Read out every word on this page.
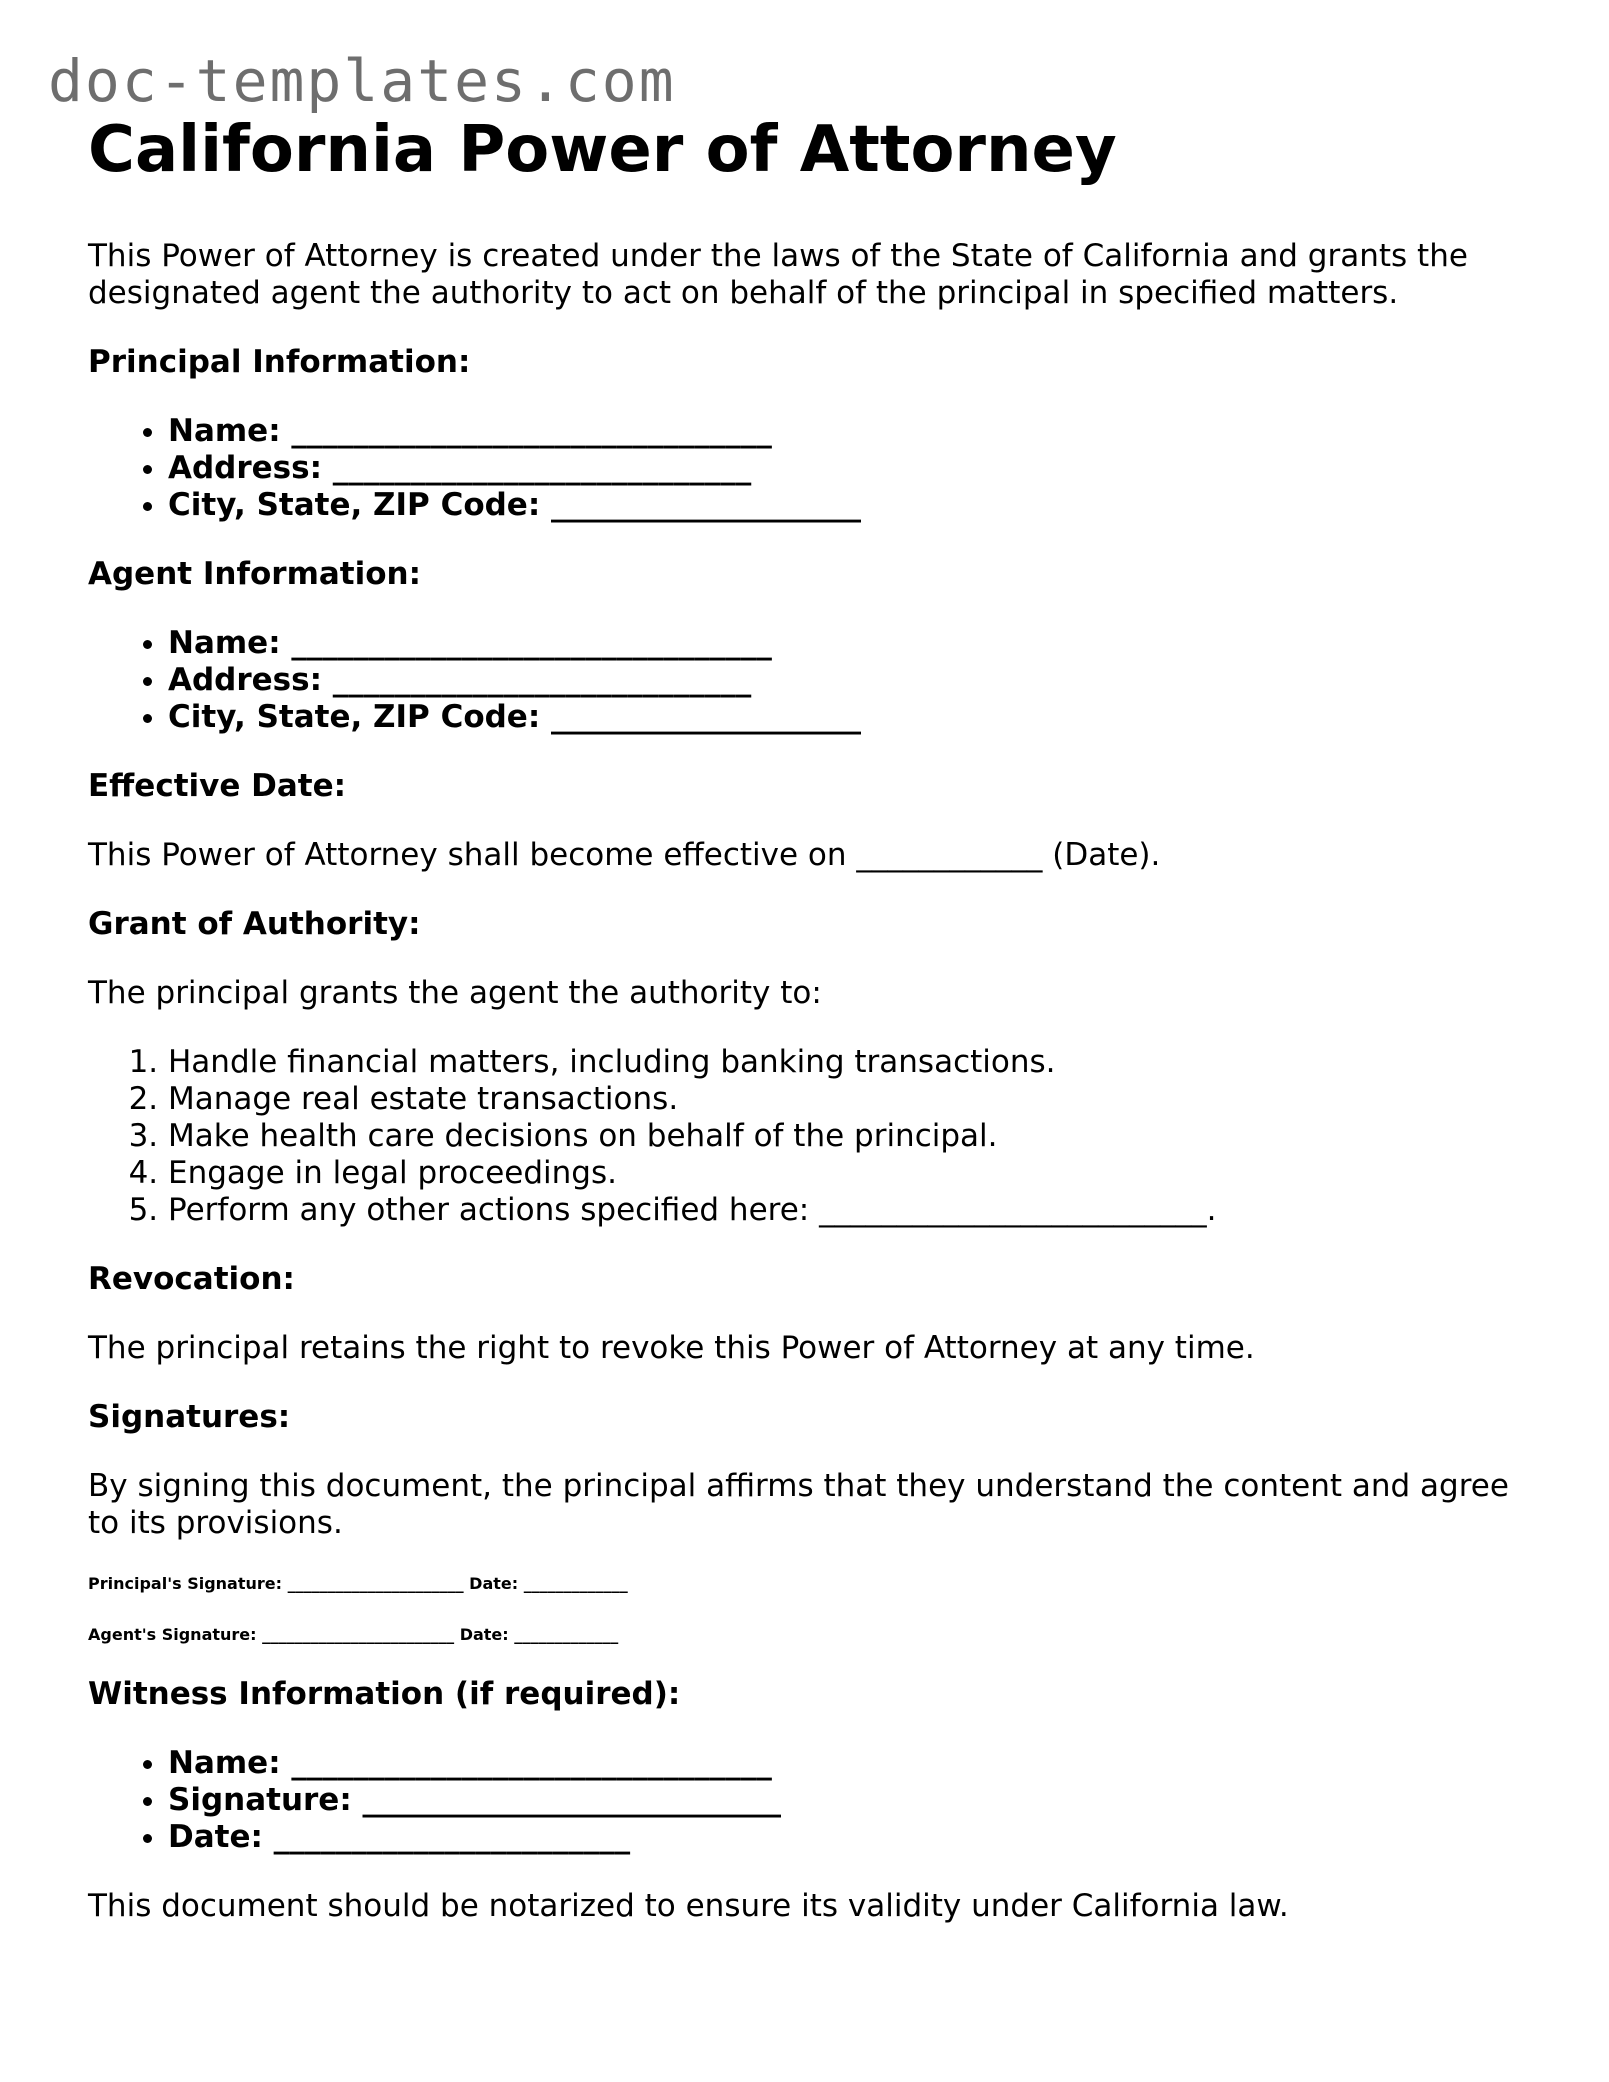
doc-templates.com
California Power of Attorney

This Power of Attorney is created under the laws of the State of California and grants the designated agent the authority to act on behalf of the principal in specified matters.

Principal Information:
• Name: _______________________________
• Address: ___________________________
• City, State, ZIP Code: ____________________
Agent Information:
• Name: _______________________________
• Address: ___________________________
• City, State, ZIP Code: ____________________
Effective Date:

This Power of Attorney shall become effective on ____________ (Date).

Grant of Authority:

The principal grants the agent the authority to:

1. Handle financial matters, including banking transactions.
2. Manage real estate transactions.
3. Make health care decisions on behalf of the principal.
4. Engage in legal proceedings.
5. Perform any other actions specified here: _________________________.
Revocation:

The principal retains the right to revoke this Power of Attorney at any time.

Signatures:

By signing this document, the principal affirms that they understand the content and agree to its provisions.

Principal's Signature: ______________________ Date: _____________
Agent's Signature: ________________________ Date: _____________
Witness Information (if required):
• Name: _______________________________
• Signature: ___________________________
• Date: _______________________

This document should be notarized to ensure its validity under California law.
